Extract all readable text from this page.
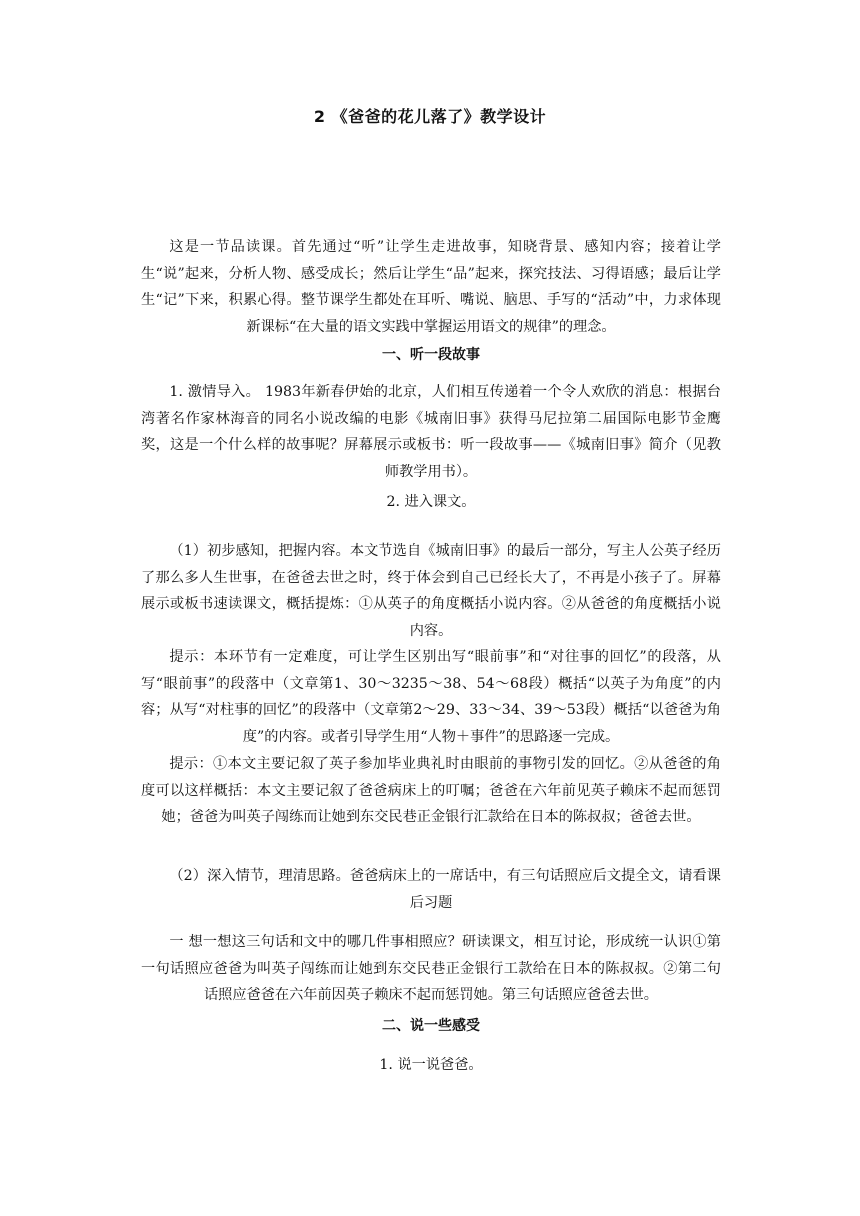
2 《爸爸的花儿落了》教学设计
这是一节品读课。首先通过“听”让学生走进故事，知晓背景、感知内容；接着让学生“说”起来，分析人物、感受成长；然后让学生“品”起来，探究技法、习得语感；最后让学生“记”下来，积累心得。整节课学生都处在耳听、嘴说、脑思、手写的“活动”中，力求体现新课标“在大量的语文实践中掌握运用语文的规律”的理念。
一、听一段故事
1. 激情导入。 1983年新春伊始的北京，人们相互传递着一个令人欢欣的消息：根据台湾著名作家林海音的同名小说改编的电影《城南旧事》获得马尼拉第二届国际电影节金鹰奖，这是一个什么样的故事呢？屏幕展示或板书：听一段故事——《城南旧事》简介（见教师教学用书）。
2. 进入课文。
（1）初步感知，把握内容。本文节选自《城南旧事》的最后一部分，写主人公英子经历了那么多人生世事，在爸爸去世之时，终于体会到自己已经长大了，不再是小孩子了。屏幕展示或板书速读课文，概括提炼：①从英子的角度概括小说内容。②从爸爸的角度概括小说内容。
提示：本环节有一定难度，可让学生区别出写“眼前事”和“对往事的回忆”的段落，从写“眼前事”的段落中（文章第1、30～3235～38、54～68段）概括“以英子为角度”的内容；从写“对柱事的回忆”的段落中（文章第2～29、33～34、39～53段）概括“以爸爸为角度”的内容。或者引导学生用“人物＋事件”的思路逐一完成。
提示：①本文主要记叙了英子参加毕业典礼时由眼前的事物引发的回忆。②从爸爸的角度可以这样概括：本文主要记叙了爸爸病床上的叮嘱；爸爸在六年前见英子赖床不起而惩罚她；爸爸为叫英子闯练而让她到东交民巷正金银行汇款给在日本的陈叔叔；爸爸去世。
（2）深入情节，理清思路。爸爸病床上的一席话中，有三句话照应后文提全文，请看课后习题
一 想一想这三句话和文中的哪几件事相照应？研读课文，相互讨论，形成统一认识①第一句话照应爸爸为叫英子闯练而让她到东交民巷正金银行工款给在日本的陈叔叔。②第二句话照应爸爸在六年前因英子赖床不起而惩罚她。第三句话照应爸爸去世。
二、说一些感受
1. 说一说爸爸。
